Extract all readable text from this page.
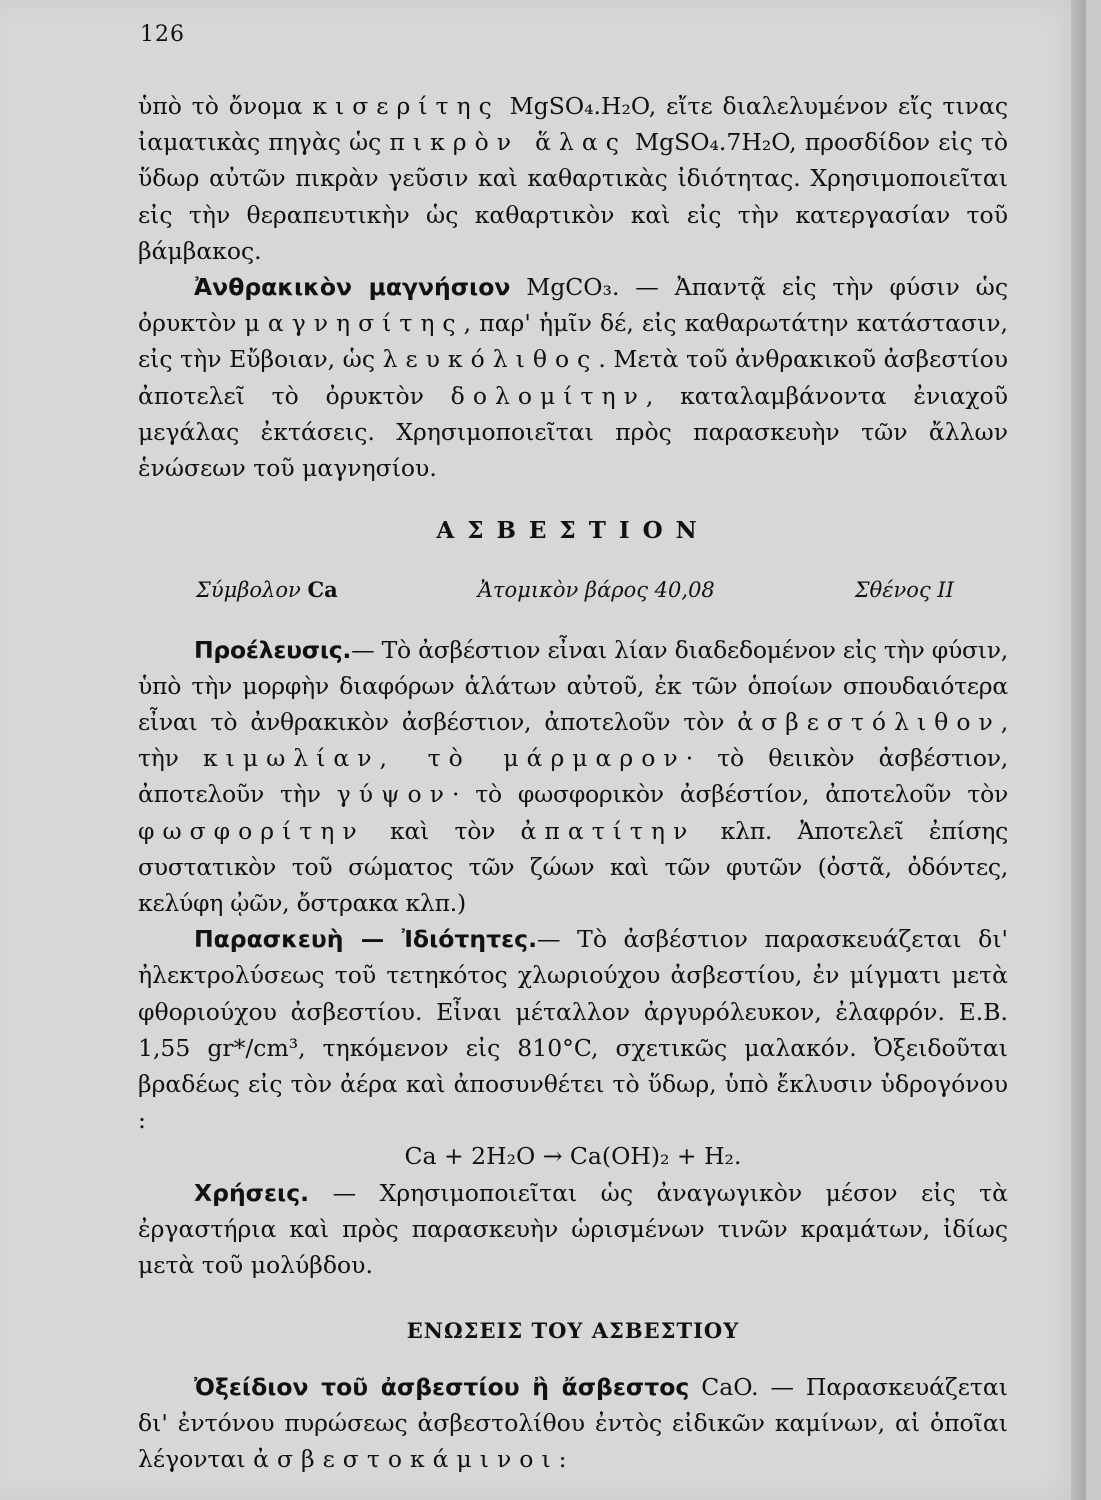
126

ὑπὸ τὸ ὄνομα κισερίτης MgSO₄.H₂O, εἴτε διαλελυμένον εἴς τινας ἰαματικὰς πηγὰς ὡς πικρὸν ἅλας MgSO₄.7H₂O, προσδίδον εἰς τὸ ὕδωρ αὐτῶν πικρὰν γεῦσιν καὶ καθαρτικὰς ἰδιότητας. Χρησιμοποιεῖται εἰς τὴν θεραπευτικὴν ὡς καθαρτικὸν καὶ εἰς τὴν κατεργασίαν τοῦ βάμβακος.

Ἀνθρακικὸν μαγνήσιον MgCO₃. — Ἀπαντᾷ εἰς τὴν φύσιν ὡς ὀρυκτὸν μαγνησίτης, παρ' ἡμῖν δέ, εἰς καθαρωτάτην κατάστασιν, εἰς τὴν Εὔβοιαν, ὡς λευκόλιθος. Μετὰ τοῦ ἀνθρακικοῦ ἀσβεστίου ἀποτελεῖ τὸ ὀρυκτὸν δολομίτην, καταλαμβάνοντα ἐνιαχοῦ μεγάλας ἐκτάσεις. Χρησιμοποιεῖται πρὸς παρασκευὴν τῶν ἄλλων ἑνώσεων τοῦ μαγνησίου.

ΑΣΒΕΣΤΙΟΝ
Σύμβολον Ca	Ἀτομικὸν βάρος 40,08	Σθένος II

Προέλευσις.— Τὸ ἀσβέστιον εἶναι λίαν διαδεδομένον εἰς τὴν φύσιν, ὑπὸ τὴν μορφὴν διαφόρων ἁλάτων αὐτοῦ, ἐκ τῶν ὁποίων σπουδαιότερα εἶναι τὸ ἀνθρακικὸν ἀσβέστιον, ἀποτελοῦν τὸν ἀσβεστόλιθον, τὴν κιμωλίαν, τὸ μάρμαρον· τὸ θειικὸν ἀσβέστιον, ἀποτελοῦν τὴν γύψον· τὸ φωσφορικὸν ἀσβέστίον, ἀποτελοῦν τὸν φωσφορίτην καὶ τὸν ἀπατίτην κλπ. Ἀποτελεῖ ἐπίσης συστατικὸν τοῦ σώματος τῶν ζώων καὶ τῶν φυτῶν (ὀστᾶ, ὀδόντες, κελύφη ᾠῶν, ὄστρακα κλπ.)

Παρασκευὴ — Ἰδιότητες.— Τὸ ἀσβέστιον παρασκευάζεται δι' ἠλεκτρολύσεως τοῦ τετηκότος χλωριούχου ἀσβεστίου, ἐν μίγματι μετὰ φθοριούχου ἀσβεστίου. Εἶναι μέταλλον ἀργυρόλευκον, ἐλαφρόν. Ε.Β. 1,55 gr*/cm³, τηκόμενον εἰς 810°C, σχετικῶς μαλακόν. Ὀξειδοῦται βραδέως εἰς τὸν ἀέρα καὶ ἀποσυνθέτει τὸ ὕδωρ, ὑπὸ ἔκλυσιν ὑδρογόνου :

Ca + 2H₂O → Ca(OH)₂ + H₂.

Χρήσεις. — Χρησιμοποιεῖται ὡς ἀναγωγικὸν μέσον εἰς τὰ ἐργαστήρια καὶ πρὸς παρασκευὴν ὡρισμένων τινῶν κραμάτων, ἰδίως μετὰ τοῦ μολύβδου.

ΕΝΩΣΕΙΣ ΤΟΥ ΑΣΒΕΣΤΙΟΥ

Ὀξείδιον τοῦ ἀσβεστίου ἢ ἄσβεστος CaO. — Παρασκευάζεται δι' ἐντόνου πυρώσεως ἀσβεστολίθου ἐντὸς εἰδικῶν καμίνων, αἱ ὁποῖαι λέγονται ἀσβεστοκάμινοι:
